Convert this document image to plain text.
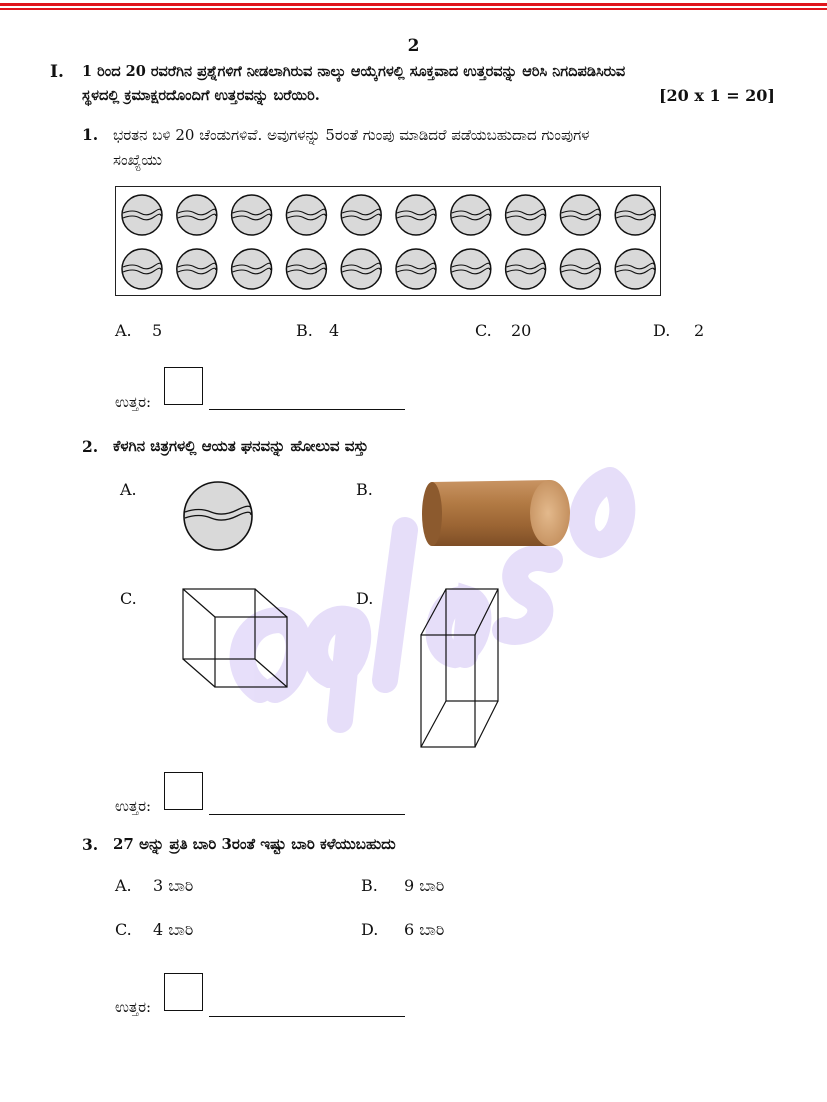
2
I. 1 ರಿಂದ 20 ರವರೆಗಿನ ಪ್ರಶ್ನೆಗಳಿಗೆ ನೀಡಲಾಗಿರುವ ನಾಲ್ಕು ಆಯ್ಕೆಗಳಲ್ಲಿ ಸೂಕ್ತವಾದ ಉತ್ತರವನ್ನು ಆರಿಸಿ ನಿಗದಿಪಡಿಸಿರುವ
ಸ್ಥಳದಲ್ಲಿ ಕ್ರಮಾಕ್ಷರದೊಂದಿಗೆ ಉತ್ತರವನ್ನು ಬರೆಯಿರಿ.	[20 x 1 = 20]
1. ಭರತನ ಬಳಿ 20 ಚೆಂಡುಗಳಿವೆ. ಅವುಗಳನ್ನು 5ರಂತೆ ಗುಂಪು ಮಾಡಿದರೆ ಪಡೆಯಬಹುದಾದ ಗುಂಪುಗಳ
ಸಂಖ್ಯೆಯು
A. 5	B. 4	C. 20	D. 2
ಉತ್ತರ:
2. ಕೆಳಗಿನ ಚಿತ್ರಗಳಲ್ಲಿ ಆಯತ ಘನವನ್ನು ಹೋಲುವ ವಸ್ತು
A.	B.
C.	D.
ಉತ್ತರ:
3. 27 ಅನ್ನು ಪ್ರತಿ ಬಾರಿ 3ರಂತೆ ಇಷ್ಟು ಬಾರಿ ಕಳೆಯುಬಹುದು
A. 3 ಬಾರಿ	B. 9 ಬಾರಿ
C. 4 ಬಾರಿ	D. 6 ಬಾರಿ
ಉತ್ತರ:
